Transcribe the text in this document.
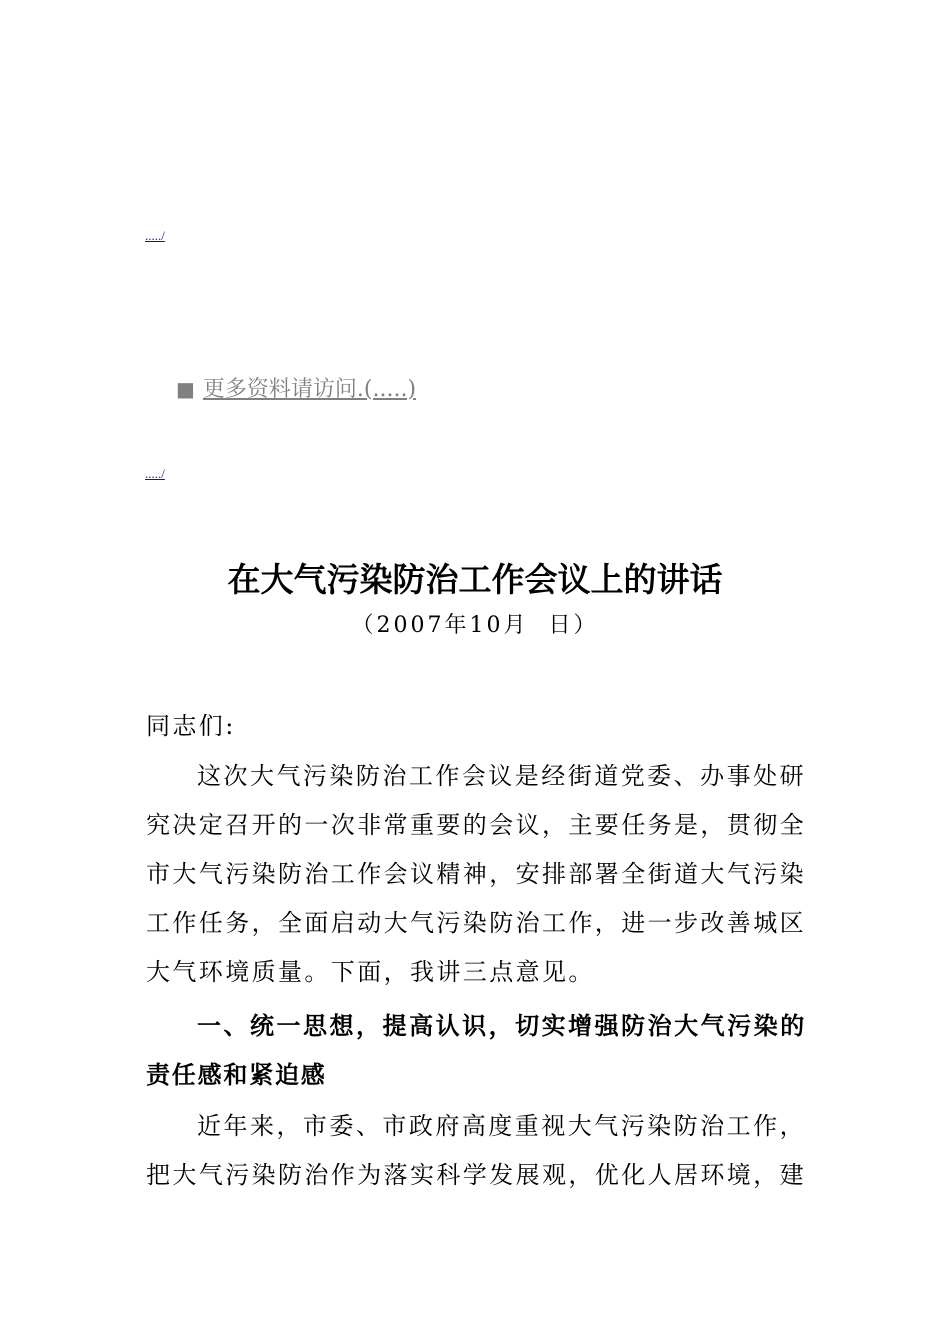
...../
■ 更多资料请访问.(.....)
...../
在大气污染防治工作会议上的讲话
（2007年10月  日）
同志们:
这次大气污染防治工作会议是经街道党委、办事处研究决定召开的一次非常重要的会议，主要任务是，贯彻全市大气污染防治工作会议精神，安排部署全街道大气污染工作任务，全面启动大气污染防治工作，进一步改善城区大气环境质量。下面，我讲三点意见。
一、统一思想，提高认识，切实增强防治大气污染的责任感和紧迫感
近年来，市委、市政府高度重视大气污染防治工作，把大气污染防治作为落实科学发展观，优化人居环境，建
